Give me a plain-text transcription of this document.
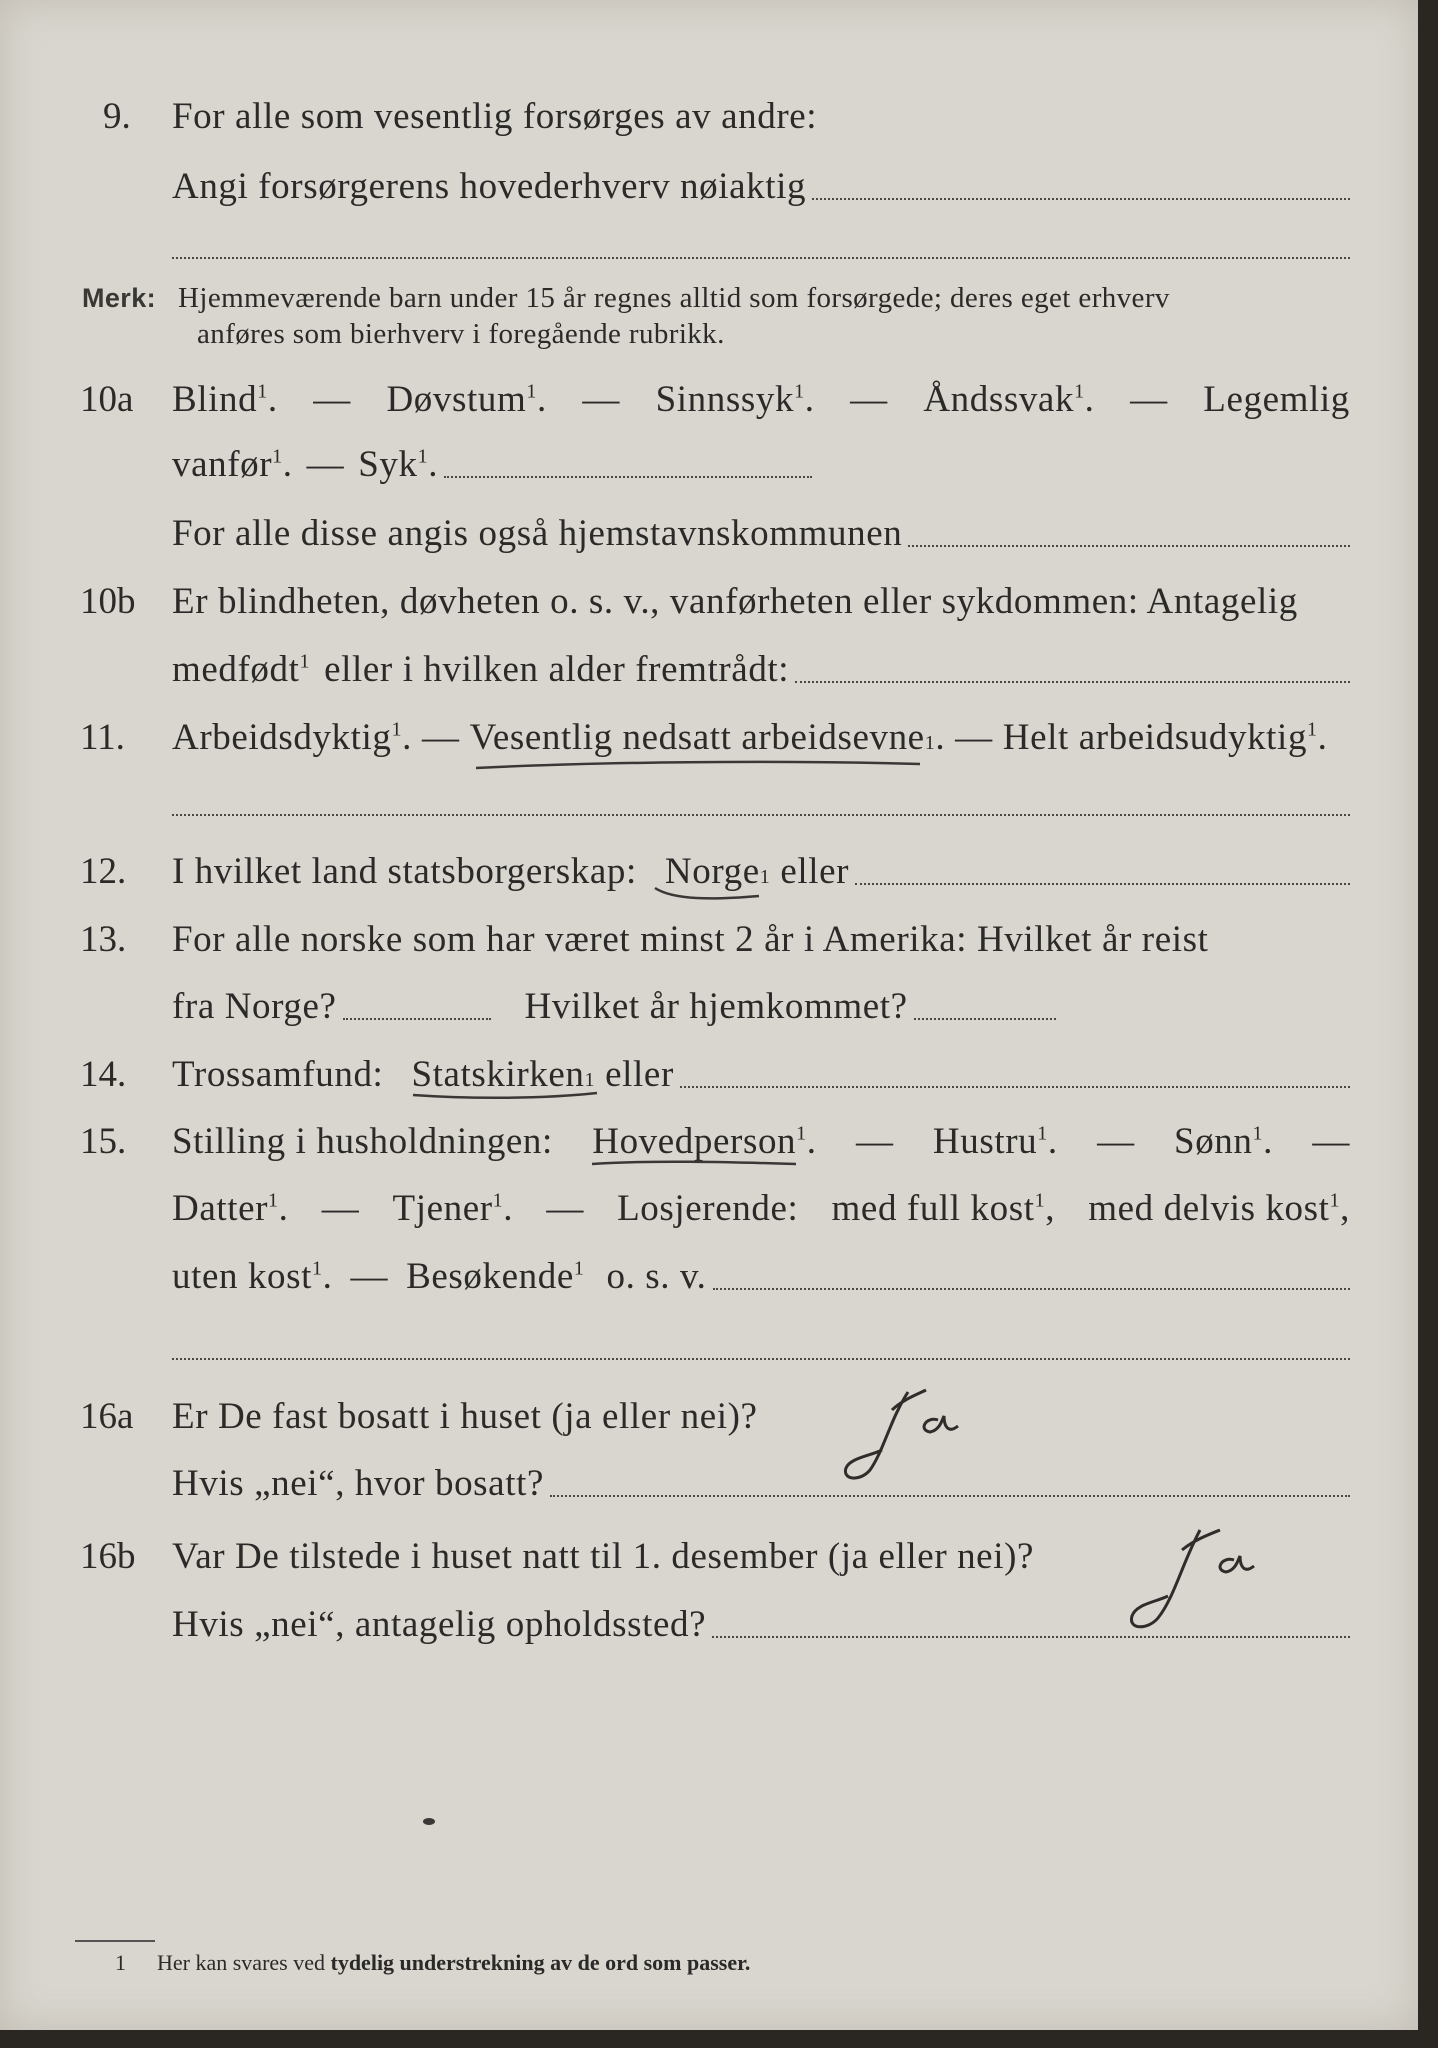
9. For alle som vesentlig forsørges av andre:
Angi forsørgerens hovederhverv nøiaktig
Merk: Hjemmeværende barn under 15 år regnes alltid som forsørgede; deres eget erhverv
anføres som bierhverv i foregående rubrikk.
10a Blind$^1$. — Døvstum$^1$. — Sinnssyk$^1$. — Åndssvak$^1$. — Legemlig
vanfør$^1$. — Syk$^1$.
For alle disse angis også hjemstavnskommunen
10b Er blindheten, døvheten o. s. v., vanførheten eller sykdommen: Antagelig
medfødt$^1$ eller i hvilken alder fremtrådt:
11. Arbeidsdyktig$^1$. — Vesentlig nedsatt arbeidsevne 1 . — Helt arbeidsudyktig$^1$.
12. I hvilket land statsborgerskap: Norge 1 eller
13. For alle norske som har været minst 2 år i Amerika: Hvilket år reist
fra Norge?	Hvilket år hjemkommet?
14. Trossamfund: Statskirken 1 eller
15. Stilling i husholdningen: Hovedperson$^1$. — Hustru$^1$. — Sønn$^1$. —
Datter$^1$. — Tjener$^1$. — Losjerende: med full kost$^1$, med delvis kost$^1$,
uten kost$^1$. — Besøkende$^1$ o. s. v.
16a Er De fast bosatt i huset (ja eller nei)?
Hvis „nei“, hvor bosatt?
16b Var De tilstede i huset natt til 1. desember (ja eller nei)?
Hvis „nei“, antagelig opholdssted?
1 Her kan svares ved tydelig understrekning av de ord som passer.
